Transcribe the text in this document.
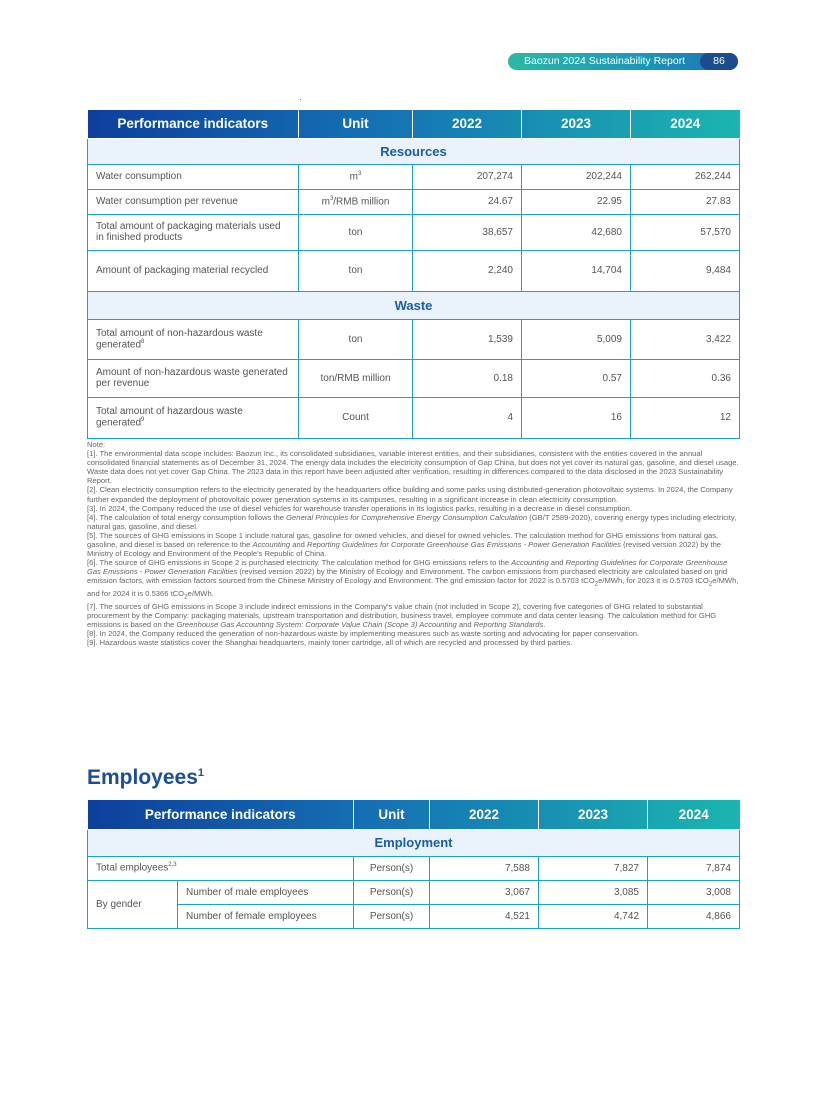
Baozun 2024 Sustainability Report	86
Performance indicators	Unit	2022	2023	2024
Resources				
Water consumption	$m^3$	207,274	202,244	262,244
Water consumption per revenue	$m^3$/RMB million	24.67	22.95	27.83
Total amount of packaging materials used in finished products	ton	38,657	42,680	57,570
Amount of packaging material recycled	ton	2,240	14,704	9,484
Waste				
Total amount of non-hazardous waste generated$^8$	ton	1,539	5,009	3,422
Amount of non-hazardous waste generated per revenue	ton/RMB million	0.18	0.57	0.36
Total amount of hazardous waste generated$^9$	Count	4	16	12

Note:

[1]. The environmental data scope includes: Baozun Inc., its consolidated subsidiaries, variable interest entities, and their subsidiaries, consistent with the entities covered in the annual consolidated financial statements as of December 31, 2024. The energy data includes the electricity consumption of Gap China, but does not yet cover its natural gas, gasoline, and diesel usage. Waste data does not yet cover Gap China. The 2023 data in this report have been adjusted after verification, resulting in differences compared to the data disclosed in the 2023 Sustainability Report.

[2]. Clean electricity consumption refers to the electricity generated by the headquarters office building and some parks using distributed-generation photovoltaic systems. In 2024, the Company further expanded the deployment of photovoltaic power generation systems in its campuses, resulting in a significant increase in clean electricity consumption.

[3]. In 2024, the Company reduced the use of diesel vehicles for warehouse transfer operations in its logistics parks, resulting in a decrease in diesel consumption.

[4]. The calculation of total energy consumption follows the General Principles for Comprehensive Energy Consumption Calculation (GB/T 2589-2020), covering energy types including electricity, natural gas, gasoline, and diesel.

[5]. The sources of GHG emissions in Scope 1 include natural gas, gasoline for owned vehicles, and diesel for owned vehicles. The calculation method for GHG emissions from natural gas, gasoline, and diesel is based on reference to the Accounting and Reporting Guidelines for Corporate Greenhouse Gas Emissions - Power Generation Facilities (revised version 2022) by the Ministry of Ecology and Environment of the People's Republic of China.

[6]. The source of GHG emissions in Scope 2 is purchased electricity. The calculation method for GHG emissions refers to the Accounting and Reporting Guidelines for Corporate Greenhouse Gas Emissions - Power Generation Facilities (revised version 2022) by the Ministry of Ecology and Environment. The carbon emissions from purchased electricity are calculated based on grid emission factors, with emission factors sourced from the Chinese Ministry of Ecology and Environment. The grid emission factor for 2022 is 0.5703 tCO$_2$e/MWh, for 2023 it is 0.5703 tCO$_2$e/MWh, and for 2024 it is 0.5366 tCO$_2$e/MWh.

[7]. The sources of GHG emissions in Scope 3 include indirect emissions in the Company's value chain (not included in Scope 2), covering five categories of GHG related to substantial procurement by the Company: packaging materials, upstream transportation and distribution, business travel, employee commute and data center leasing. The calculation method for GHG emissions is based on the Greenhouse Gas Accounting System: Corporate Value Chain (Scope 3) Accounting and Reporting Standards.

[8]. In 2024, the Company reduced the generation of non-hazardous waste by implementing measures such as waste sorting and advocating for paper conservation.

[9]. Hazardous waste statistics cover the Shanghai headquarters, mainly toner cartridge, all of which are recycled and processed by third parties.

Employees$^1$
Performance indicators		Unit	2022	2023	2024
Employment					
Total employees$^{2,3}$		Person(s)	7,588	7,827	7,874
By gender	Number of male employees	Person(s)	3,067	3,085	3,008
	Number of female employees	Person(s)	4,521	4,742	4,866
